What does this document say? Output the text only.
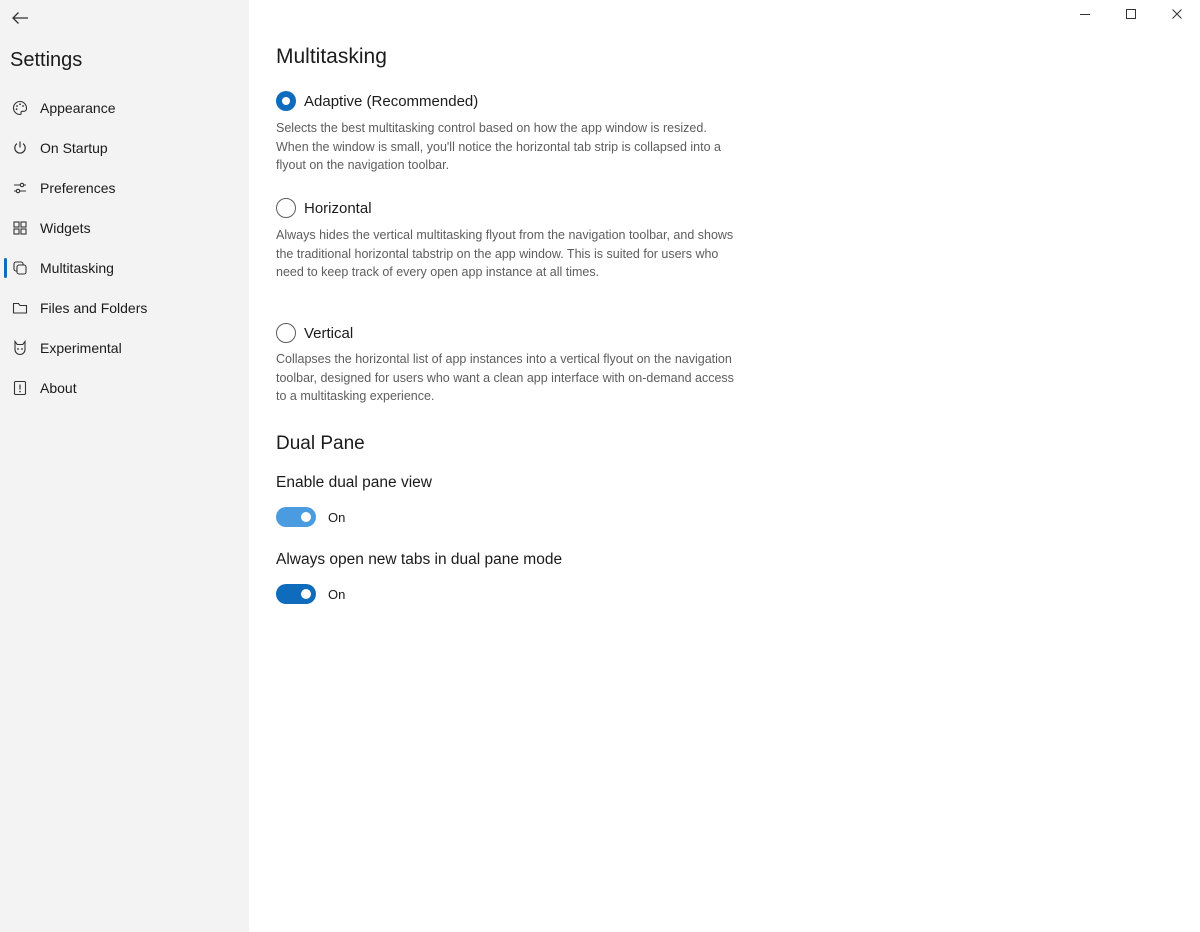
Settings
Appearance
On Startup
Preferences
Widgets
Multitasking
Files and Folders
Experimental
About
Multitasking
Adaptive (Recommended)
Selects the best multitasking control based on how the app window is resized. When the window is small, you'll notice the horizontal tab strip is collapsed into a flyout on the navigation toolbar.
Horizontal
Always hides the vertical multitasking flyout from the navigation toolbar, and shows the traditional horizontal tabstrip on the app window. This is suited for users who need to keep track of every open app instance at all times.
Vertical
Collapses the horizontal list of app instances into a vertical flyout on the navigation toolbar, designed for users who want a clean app interface with on-demand access to a multitasking experience.
Dual Pane
Enable dual pane view
On
Always open new tabs in dual pane mode
On
